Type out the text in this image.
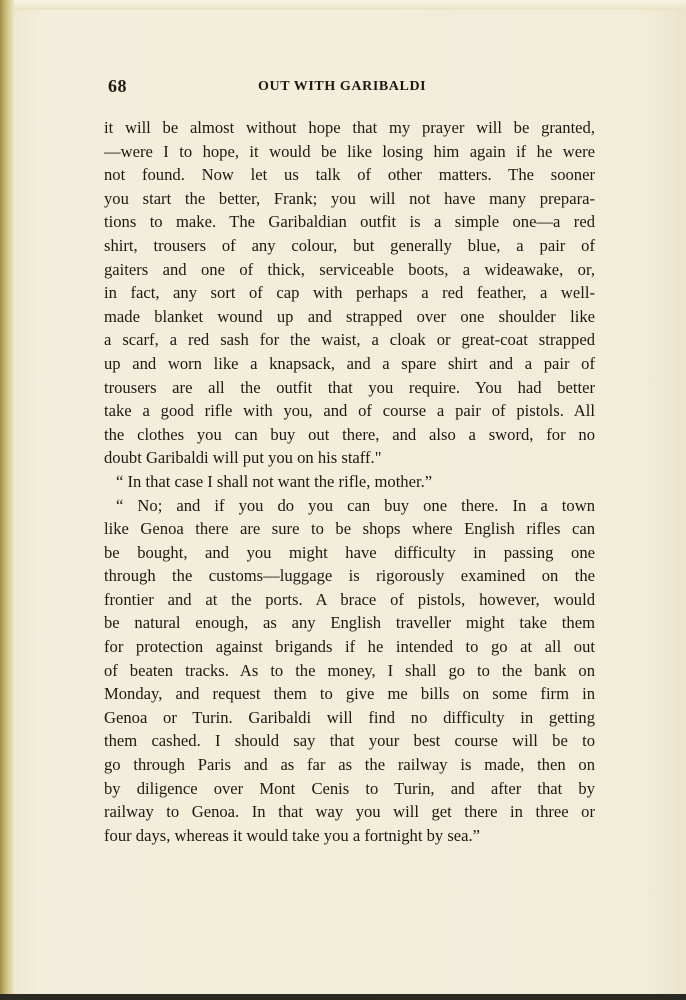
68	OUT WITH GARIBALDI
it will be almost without hope that my prayer will be granted,
—were I to hope, it would be like losing him again if he were
not found. Now let us talk of other matters. The sooner
you start the better, Frank; you will not have many prepara-
tions to make. The Garibaldian outfit is a simple one—a red
shirt, trousers of any colour, but generally blue, a pair of
gaiters and one of thick, serviceable boots, a wideawake, or,
in fact, any sort of cap with perhaps a red feather, a well-
made blanket wound up and strapped over one shoulder like
a scarf, a red sash for the waist, a cloak or great-coat strapped
up and worn like a knapsack, and a spare shirt and a pair of
trousers are all the outfit that you require. You had better
take a good rifle with you, and of course a pair of pistols. All
the clothes you can buy out there, and also a sword, for no
doubt Garibaldi will put you on his staff."
“ In that case I shall not want the rifle, mother.”
“ No; and if you do you can buy one there. In a town
like Genoa there are sure to be shops where English rifles can
be bought, and you might have difficulty in passing one
through the customs—luggage is rigorously examined on the
frontier and at the ports. A brace of pistols, however, would
be natural enough, as any English traveller might take them
for protection against brigands if he intended to go at all out
of beaten tracks. As to the money, I shall go to the bank on
Monday, and request them to give me bills on some firm in
Genoa or Turin. Garibaldi will find no difficulty in getting
them cashed. I should say that your best course will be to
go through Paris and as far as the railway is made, then on
by diligence over Mont Cenis to Turin, and after that by
railway to Genoa. In that way you will get there in three or
four days, whereas it would take you a fortnight by sea.”
